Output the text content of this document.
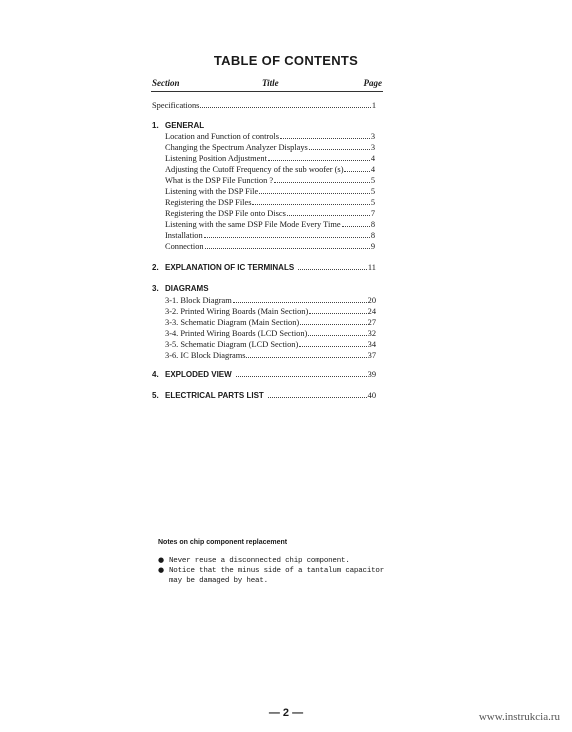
TABLE OF CONTENTS
Section	Title	Page
Specifications	1
1. GENERAL
Location and Function of controls	3
Changing the Spectrum Analyzer Displays	3
Listening Position Adjustment	4
Adjusting the Cutoff Frequency of the sub woofer (s)	4
What is the DSP File Function ?	5
Listening with the DSP File	5
Registering the DSP Files	5
Registering the DSP File onto Discs	7
Listening with the same DSP File Mode Every Time	8
Installation	8
Connection	9
2. EXPLANATION OF IC TERMINALS	11
3. DIAGRAMS
3-1. Block Diagram	20
3-2. Printed Wiring Boards (Main Section)	24
3-3. Schematic Diagram (Main Section)	27
3-4. Printed Wiring Boards (LCD Section)	32
3-5. Schematic Diagram (LCD Section)	34
3-6. IC Block Diagrams	37
4. EXPLODED VIEW	39
5. ELECTRICAL PARTS LIST	40
Notes on chip component replacement
● Never reuse a disconnected chip component.
● Notice that the minus side of a tantalum capacitor
may be damaged by heat.
— 2 —	www.instrukcia.ru
